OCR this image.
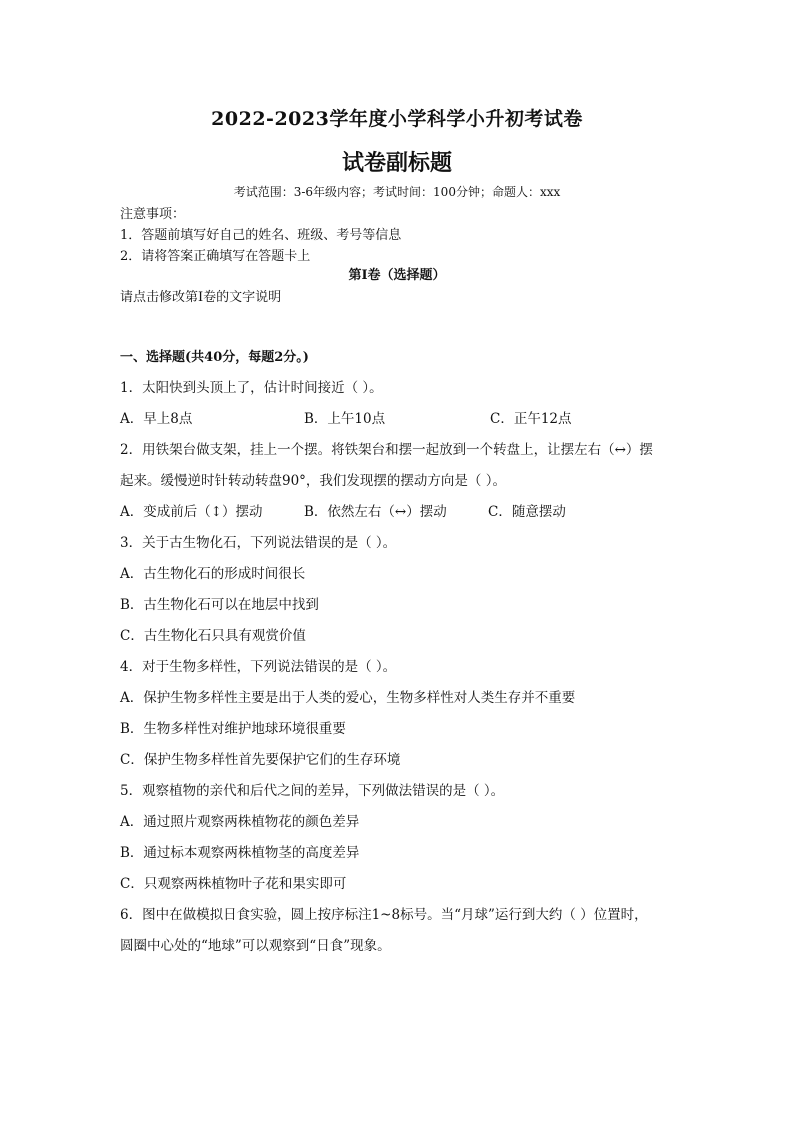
2022-2023学年度小学科学小升初考试卷
试卷副标题
考试范围：3-6年级内容；考试时间：100分钟；命题人：xxx
注意事项：
1．答题前填写好自己的姓名、班级、考号等信息
2．请将答案正确填写在答题卡上
第I卷（选择题）
请点击修改第I卷的文字说明
一、选择题(共40分，每题2分。)
1．太阳快到头顶上了，估计时间接近（ ）。
A．早上8点	B．上午10点	C．正午12点
2．用铁架台做支架，挂上一个摆。将铁架台和摆一起放到一个转盘上，让摆左右（↔）摆
起来。缓慢逆时针转动转盘90°，我们发现摆的摆动方向是（ ）。
A．变成前后（↕）摆动	B．依然左右（↔）摆动	C．随意摆动
3．关于古生物化石，下列说法错误的是（ ）。
A．古生物化石的形成时间很长
B．古生物化石可以在地层中找到
C．古生物化石只具有观赏价值
4．对于生物多样性，下列说法错误的是（ ）。
A．保护生物多样性主要是出于人类的爱心，生物多样性对人类生存并不重要
B．生物多样性对维护地球环境很重要
C．保护生物多样性首先要保护它们的生存环境
5．观察植物的亲代和后代之间的差异，下列做法错误的是（ ）。
A．通过照片观察两株植物花的颜色差异
B．通过标本观察两株植物茎的高度差异
C．只观察两株植物叶子花和果实即可
6．图中在做模拟日食实验，圆上按序标注1~8标号。当“月球”运行到大约（ ）位置时，
圆圈中心处的“地球”可以观察到“日食”现象。
